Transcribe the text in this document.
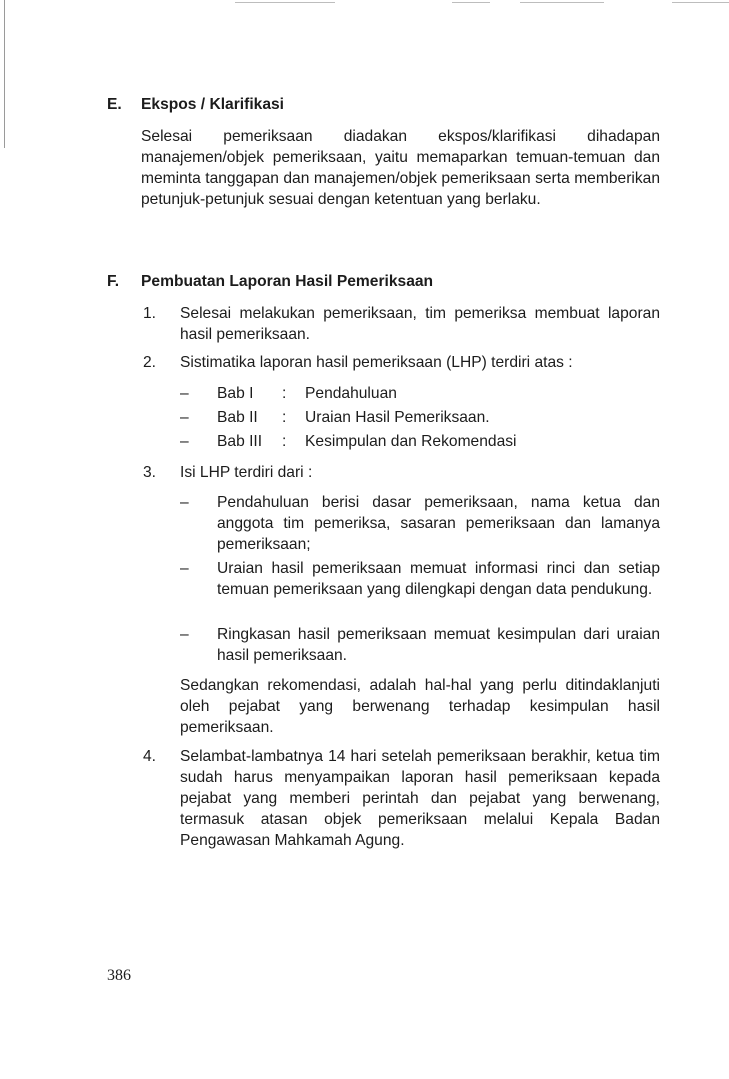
E. Ekspos / Klarifikasi
Selesai pemeriksaan diadakan ekspos/klarifikasi dihadapan manajemen/objek pemeriksaan, yaitu memaparkan temuan-temuan dan meminta tanggapan dan manajemen/objek pemeriksaan serta memberikan petunjuk-petunjuk sesuai dengan ketentuan yang berlaku.
F. Pembuatan Laporan Hasil Pemeriksaan
1. Selesai melakukan pemeriksaan, tim pemeriksa membuat laporan hasil pemeriksaan.
2. Sistimatika laporan hasil pemeriksaan (LHP) terdiri atas :
– Bab I : Pendahuluan
– Bab II : Uraian Hasil Pemeriksaan.
– Bab III : Kesimpulan dan Rekomendasi
3. Isi LHP terdiri dari :
– Pendahuluan berisi dasar pemeriksaan, nama ketua dan anggota tim pemeriksa, sasaran pemeriksaan dan lamanya pemeriksaan;
– Uraian hasil pemeriksaan memuat informasi rinci dan setiap temuan pemeriksaan yang dilengkapi dengan data pendukung.
– Ringkasan hasil pemeriksaan memuat kesimpulan dari uraian hasil pemeriksaan.
Sedangkan rekomendasi, adalah hal-hal yang perlu ditindaklanjuti oleh pejabat yang berwenang terhadap kesimpulan hasil pemeriksaan.
4. Selambat-lambatnya 14 hari setelah pemeriksaan berakhir, ketua tim sudah harus menyampaikan laporan hasil pemeriksaan kepada pejabat yang memberi perintah dan pejabat yang berwenang, termasuk atasan objek pemeriksaan melalui Kepala Badan Pengawasan Mahkamah Agung.
386
